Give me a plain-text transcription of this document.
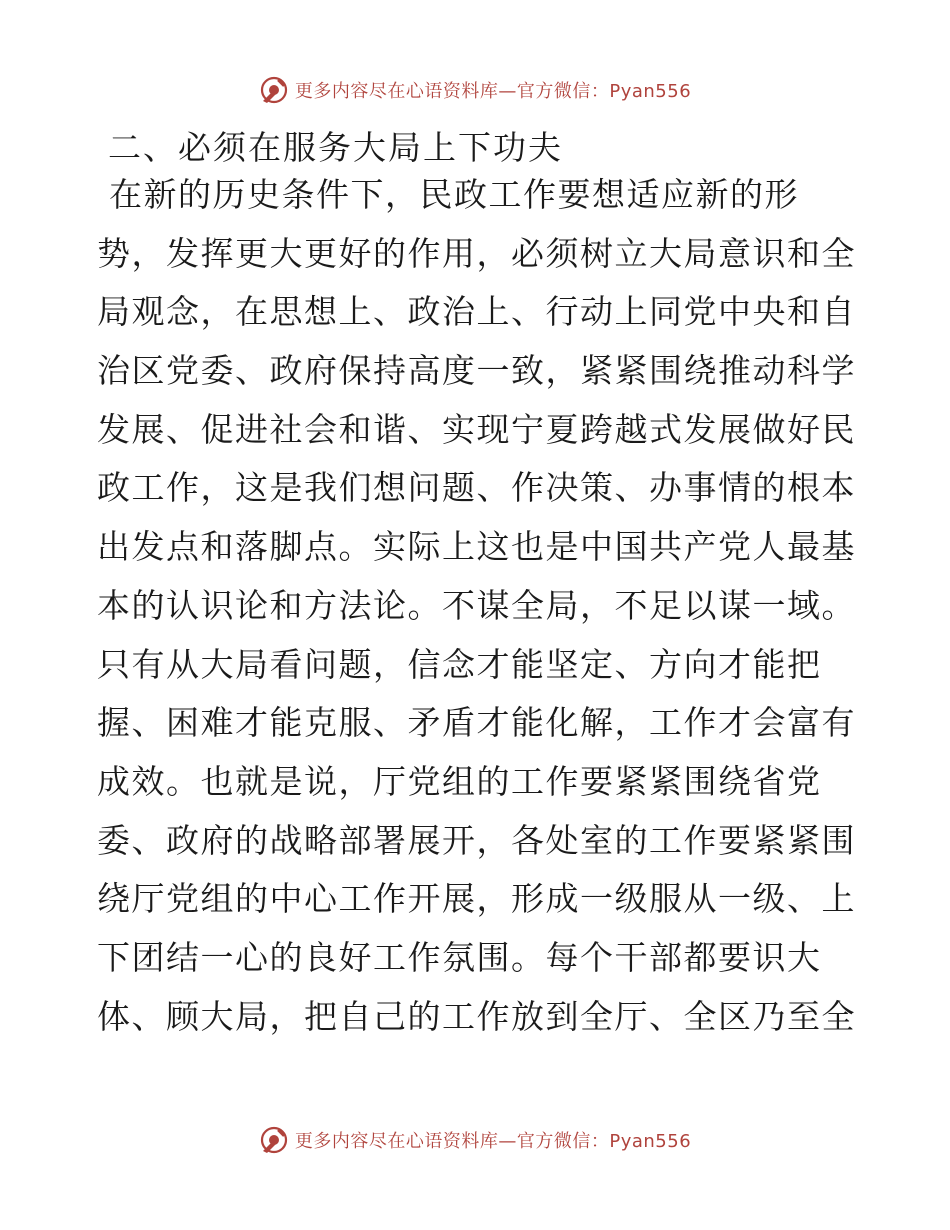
更多内容尽在心语资料库—官方微信：Pyan556
二、必须在服务大局上下功夫
在新的历史条件下，民政工作要想适应新的形
势，发挥更大更好的作用，必须树立大局意识和全
局观念，在思想上、政治上、行动上同党中央和自
治区党委、政府保持高度一致，紧紧围绕推动科学
发展、促进社会和谐、实现宁夏跨越式发展做好民
政工作，这是我们想问题、作决策、办事情的根本
出发点和落脚点。实际上这也是中国共产党人最基
本的认识论和方法论。不谋全局，不足以谋一域。
只有从大局看问题，信念才能坚定、方向才能把
握、困难才能克服、矛盾才能化解，工作才会富有
成效。也就是说，厅党组的工作要紧紧围绕省党
委、政府的战略部署展开，各处室的工作要紧紧围
绕厅党组的中心工作开展，形成一级服从一级、上
下团结一心的良好工作氛围。每个干部都要识大
体、顾大局，把自己的工作放到全厅、全区乃至全
更多内容尽在心语资料库—官方微信：Pyan556
